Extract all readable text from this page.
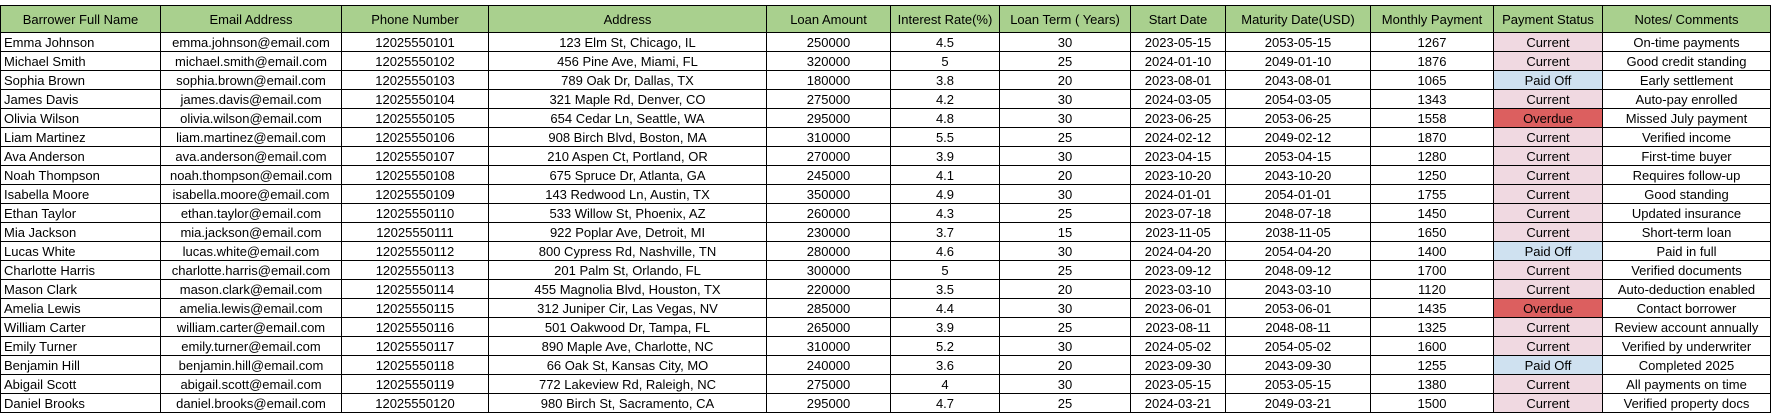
Barrower Full Name	Email Address	Phone Number	Address	Loan Amount	Interest Rate(%)	Loan Term ( Years)	Start Date	Maturity Date(USD)	Monthly Payment	Payment Status	Notes/ Comments
Emma Johnson	emma.johnson@email.com	12025550101	123 Elm St, Chicago, IL	250000	4.5	30	2023-05-15	2053-05-15	1267	Current	On-time payments
Michael Smith	michael.smith@email.com	12025550102	456 Pine Ave, Miami, FL	320000	5	25	2024-01-10	2049-01-10	1876	Current	Good credit standing
Sophia Brown	sophia.brown@email.com	12025550103	789 Oak Dr, Dallas, TX	180000	3.8	20	2023-08-01	2043-08-01	1065	Paid Off	Early settlement
James Davis	james.davis@email.com	12025550104	321 Maple Rd, Denver, CO	275000	4.2	30	2024-03-05	2054-03-05	1343	Current	Auto-pay enrolled
Olivia Wilson	olivia.wilson@email.com	12025550105	654 Cedar Ln, Seattle, WA	295000	4.8	30	2023-06-25	2053-06-25	1558	Overdue	Missed July payment
Liam Martinez	liam.martinez@email.com	12025550106	908 Birch Blvd, Boston, MA	310000	5.5	25	2024-02-12	2049-02-12	1870	Current	Verified income
Ava Anderson	ava.anderson@email.com	12025550107	210 Aspen Ct, Portland, OR	270000	3.9	30	2023-04-15	2053-04-15	1280	Current	First-time buyer
Noah Thompson	noah.thompson@email.com	12025550108	675 Spruce Dr, Atlanta, GA	245000	4.1	20	2023-10-20	2043-10-20	1250	Current	Requires follow-up
Isabella Moore	isabella.moore@email.com	12025550109	143 Redwood Ln, Austin, TX	350000	4.9	30	2024-01-01	2054-01-01	1755	Current	Good standing
Ethan Taylor	ethan.taylor@email.com	12025550110	533 Willow St, Phoenix, AZ	260000	4.3	25	2023-07-18	2048-07-18	1450	Current	Updated insurance
Mia Jackson	mia.jackson@email.com	12025550111	922 Poplar Ave, Detroit, MI	230000	3.7	15	2023-11-05	2038-11-05	1650	Current	Short-term loan
Lucas White	lucas.white@email.com	12025550112	800 Cypress Rd, Nashville, TN	280000	4.6	30	2024-04-20	2054-04-20	1400	Paid Off	Paid in full
Charlotte Harris	charlotte.harris@email.com	12025550113	201 Palm St, Orlando, FL	300000	5	25	2023-09-12	2048-09-12	1700	Current	Verified documents
Mason Clark	mason.clark@email.com	12025550114	455 Magnolia Blvd, Houston, TX	220000	3.5	20	2023-03-10	2043-03-10	1120	Current	Auto-deduction enabled
Amelia Lewis	amelia.lewis@email.com	12025550115	312 Juniper Cir, Las Vegas, NV	285000	4.4	30	2023-06-01	2053-06-01	1435	Overdue	Contact borrower
William Carter	william.carter@email.com	12025550116	501 Oakwood Dr, Tampa, FL	265000	3.9	25	2023-08-11	2048-08-11	1325	Current	Review account annually
Emily Turner	emily.turner@email.com	12025550117	890 Maple Ave, Charlotte, NC	310000	5.2	30	2024-05-02	2054-05-02	1600	Current	Verified by underwriter
Benjamin Hill	benjamin.hill@email.com	12025550118	66 Oak St, Kansas City, MO	240000	3.6	20	2023-09-30	2043-09-30	1255	Paid Off	Completed 2025
Abigail Scott	abigail.scott@email.com	12025550119	772 Lakeview Rd, Raleigh, NC	275000	4	30	2023-05-15	2053-05-15	1380	Current	All payments on time
Daniel Brooks	daniel.brooks@email.com	12025550120	980 Birch St, Sacramento, CA	295000	4.7	25	2024-03-21	2049-03-21	1500	Current	Verified property docs
